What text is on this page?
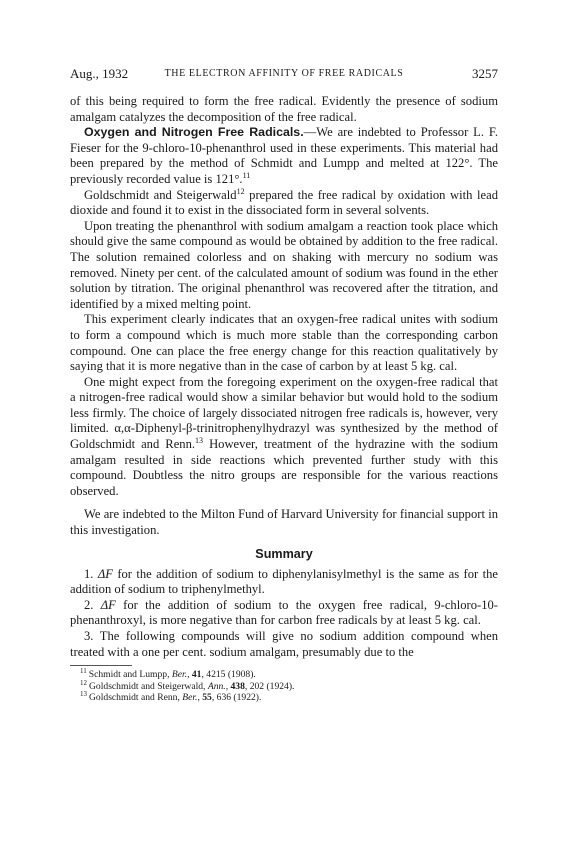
Aug., 1932	THE ELECTRON AFFINITY OF FREE RADICALS	3257

of this being required to form the free radical. Evidently the presence of sodium amalgam catalyzes the decomposition of the free radical.

Oxygen and Nitrogen Free Radicals.—We are indebted to Professor L. F. Fieser for the 9-chloro-10-phenanthrol used in these experiments. This material had been prepared by the method of Schmidt and Lumpp and melted at 122°. The previously recorded value is 121°.$^{11}$

Goldschmidt and Steigerwald$^{12}$ prepared the free radical by oxidation with lead dioxide and found it to exist in the dissociated form in several solvents.

Upon treating the phenanthrol with sodium amalgam a reaction took place which should give the same compound as would be obtained by addition to the free radical. The solution remained colorless and on shaking with mercury no sodium was removed. Ninety per cent. of the calculated amount of sodium was found in the ether solution by titration. The original phenanthrol was recovered after the titration, and identified by a mixed melting point.

This experiment clearly indicates that an oxygen-free radical unites with sodium to form a compound which is much more stable than the corresponding carbon compound. One can place the free energy change for this reaction qualitatively by saying that it is more negative than in the case of carbon by at least 5 kg. cal.

One might expect from the foregoing experiment on the oxygen-free radical that a nitrogen-free radical would show a similar behavior but would hold to the sodium less firmly. The choice of largely dissociated nitrogen free radicals is, however, very limited. α,α-Diphenyl-β-trinitrophenylhydrazyl was synthesized by the method of Goldschmidt and Renn.$^{13}$ However, treatment of the hydrazine with the sodium amalgam resulted in side reactions which prevented further study with this compound. Doubtless the nitro groups are responsible for the various reactions observed.

We are indebted to the Milton Fund of Harvard University for financial support in this investigation.

Summary

1. ΔF for the addition of sodium to diphenylanisylmethyl is the same as for the addition of sodium to triphenylmethyl.

2. ΔF for the addition of sodium to the oxygen free radical, 9-chloro-10-phenanthroxyl, is more negative than for carbon free radicals by at least 5 kg. cal.

3. The following compounds will give no sodium addition compound when treated with a one per cent. sodium amalgam, presumably due to the

$^{11}$ Schmidt and Lumpp, Ber., 41, 4215 (1908).
$^{12}$ Goldschmidt and Steigerwald, Ann., 438, 202 (1924).
$^{13}$ Goldschmidt and Renn, Ber., 55, 636 (1922).
